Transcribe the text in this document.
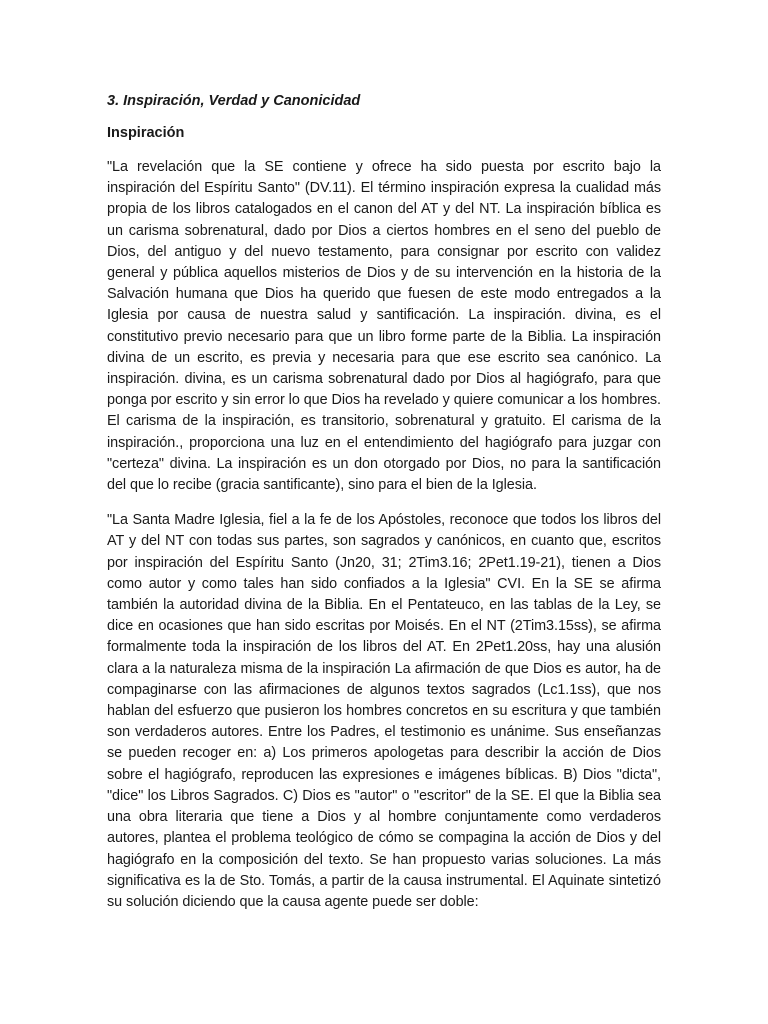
3. Inspiración, Verdad y Canonicidad
Inspiración

"La revelación que la SE contiene y ofrece ha sido puesta por escrito bajo la inspiración del Espíritu Santo" (DV.11). El término inspiración expresa la cualidad más propia de los libros catalogados en el canon del AT y del NT. La inspiración bíblica es un carisma sobrenatural, dado por Dios a ciertos hombres en el seno del pueblo de Dios, del antiguo y del nuevo testamento, para consignar por escrito con validez general y pública aquellos misterios de Dios y de su intervención en la historia de la Salvación humana que Dios ha querido que fuesen de este modo entregados a la Iglesia por causa de nuestra salud y santificación. La inspiración. divina, es el constitutivo previo necesario para que un libro forme parte de la Biblia. La inspiración divina de un escrito, es previa y necesaria para que ese escrito sea canónico. La inspiración. divina, es un carisma sobrenatural dado por Dios al hagiógrafo, para que ponga por escrito y sin error lo que Dios ha revelado y quiere comunicar a los hombres. El carisma de la inspiración, es transitorio, sobrenatural y gratuito. El carisma de la inspiración., proporciona una luz en el entendimiento del hagiógrafo para juzgar con "certeza" divina. La inspiración es un don otorgado por Dios, no para la santificación del que lo recibe (gracia santificante), sino para el bien de la Iglesia.

"La Santa Madre Iglesia, fiel a la fe de los Apóstoles, reconoce que todos los libros del AT y del NT con todas sus partes, son sagrados y canónicos, en cuanto que, escritos por inspiración del Espíritu Santo (Jn20, 31; 2Tim3.16; 2Pet1.19-21), tienen a Dios como autor y como tales han sido confiados a la Iglesia" CVI. En la SE se afirma también la autoridad divina de la Biblia. En el Pentateuco, en las tablas de la Ley, se dice en ocasiones que han sido escritas por Moisés. En el NT (2Tim3.15ss), se afirma formalmente toda la inspiración de los libros del AT. En 2Pet1.20ss, hay una alusión clara a la naturaleza misma de la inspiración La afirmación de que Dios es autor, ha de compaginarse con las afirmaciones de algunos textos sagrados (Lc1.1ss), que nos hablan del esfuerzo que pusieron los hombres concretos en su escritura y que también son verdaderos autores. Entre los Padres, el testimonio es unánime. Sus enseñanzas se pueden recoger en: a) Los primeros apologetas para describir la acción de Dios sobre el hagiógrafo, reproducen las expresiones e imágenes bíblicas. B) Dios "dicta", "dice" los Libros Sagrados. C) Dios es "autor" o "escritor" de la SE. El que la Biblia sea una obra literaria que tiene a Dios y al hombre conjuntamente como verdaderos autores, plantea el problema teológico de cómo se compagina la acción de Dios y del hagiógrafo en la composición del texto. Se han propuesto varias soluciones. La más significativa es la de Sto. Tomás, a partir de la causa instrumental. El Aquinate sintetizó su solución diciendo que la causa agente puede ser doble:
